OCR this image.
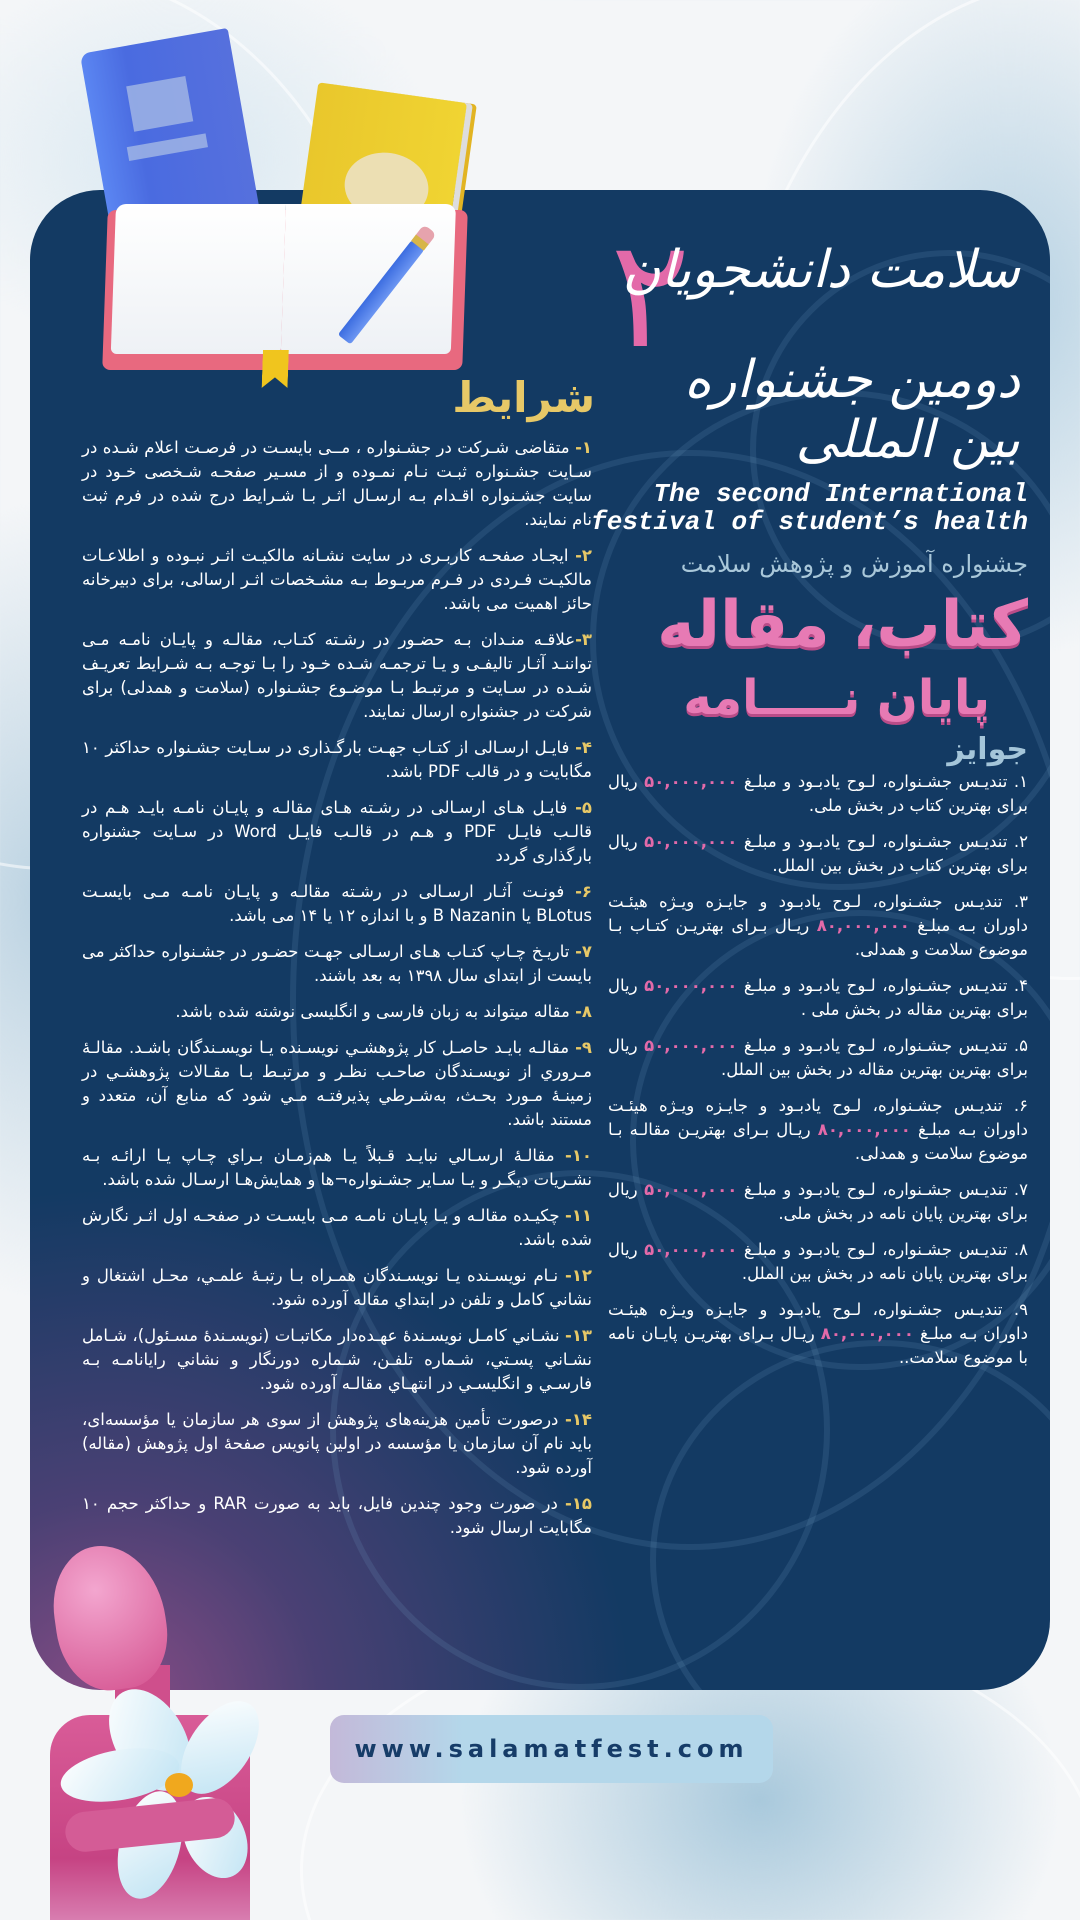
۲
سلامت دانشجویان
دومین جشنواره بین المللی
The second International
festival of student’s health
جشنواره آموزش و پژوهش سلامت
کتاب، مقاله
پایان نـــــامه
جوایز
۱. تندیـس جشـنواره، لـوح یادبـود و مبلـغ ۵۰,۰۰۰,۰۰۰ ریال برای بهترین کتاب در بخش ملی.
۲. تندیـس جشـنواره، لـوح یادبـود و مبلـغ ۵۰,۰۰۰,۰۰۰ ریال برای بهترین کتاب در بخش بین الملل.
۳. تندیـس جشـنواره، لـوح یادبـود و جایـزه ویـژه هیئـت داوران بـه مبلـغ ۸۰,۰۰۰,۰۰۰ ریـال بـرای بهتریـن کتـاب بـا موضوع سلامت و همدلی.
۴. تندیـس جشـنواره، لـوح یادبـود و مبلـغ ۵۰,۰۰۰,۰۰۰ ریال برای بهترین مقاله در بخش ملی .
۵. تندیـس جشـنواره، لـوح یادبـود و مبلـغ ۵۰,۰۰۰,۰۰۰ ریال برای بهترین بهترین مقاله در بخش بین الملل.
۶. تندیـس جشـنواره، لـوح یادبـود و جایـزه ویـژه هیئـت داوران بـه مبلـغ ۸۰,۰۰۰,۰۰۰ ریـال بـرای بهتریـن مقالـه بـا موضوع سلامت و همدلی.
۷. تندیـس جشـنواره، لـوح یادبـود و مبلـغ ۵۰,۰۰۰,۰۰۰ ریال برای بهترین پایان نامه در بخش ملی.
۸. تندیـس جشـنواره، لـوح یادبـود و مبلـغ ۵۰,۰۰۰,۰۰۰ ریال برای بهترین پایان نامه در بخش بین الملل.
۹. تندیـس جشـنواره، لـوح یادبـود و جایـزه ویـژه هیئـت داوران بـه مبلـغ ۸۰,۰۰۰,۰۰۰ ریـال بـرای بهتریـن پایـان نامه با موضوع سلامت..
شرایط
۱- متقاضی شـرکت در جشـنواره ، مــی بایسـت در فرصـت اعلام شـده در سـایت جشـنواره ثبـت نـام نمـوده و از مسـیر صفحـه شـخصی خـود در سایت جشـنواره اقـدام بـه ارسـال اثـر بـا شـرایط درج شده در فرم ثبت نام نمایند.
۲- ایجـاد صفحـه کاربـری در سایت نشـانه مالکیـت اثـر نبـوده و اطلاعـات مالکیـت فـردی در فـرم مربـوط بـه مشـخصات اثـر ارسالی، برای دبیرخانه حائز اهمیت می باشد.
۳-علاقـه منـدان بـه حضـور در رشـته کتـاب، مقالـه و پایـان نامـه مـی تواننـد آثـار تالیفـی و یـا ترجمـه شـده خـود را بـا توجـه بـه شـرایط تعریـف شـده در سـایت و مرتبـط بـا موضـوع جشـنواره (سلامت و همدلی) برای شرکت در جشنواره ارسال نمایند.
۴- فایـل ارسـالی از کتـاب جهـت بارگـذاری در سـایت جشـنواره حداکثر ۱۰ مگابایت و در قالب PDF باشد.
۵- فایـل هـای ارسـالی در رشـته هـای مقالـه و پایـان نامـه بایـد هـم در قالـب فایـل PDF و هـم در قالـب فایـل Word در سـایت جشنواره بارگذاری گردد
۶- فونـت آثـار ارسـالی در رشـته مقالـه و پایـان نامـه مـی بایسـت BLotus یا B Nazanin و با اندازه ۱۲ یا ۱۴ می باشد.
۷- تاریـخ چـاپ کتـاب هـای ارسـالی جهـت حضـور در جشـنواره حداکثر می بایست از ابتدای سال ۱۳۹۸ به بعد باشند.
۸- مقاله میتواند به زبان فارسی و انگلیسی نوشته شده باشد.
۹- مقالـه بایـد حاصـل کار پژوهشـي نويسـنده يـا نويسـندگان باشـد. مقالـۀ مـروري از نويسـندگان صاحـب نظـر و مرتبـط بـا مقـالات پژوهشـي در زمينـۀ مـورد بحـث، به‌شـرطي پذيرفتـه مـي شود كه منابع آن، متعدد و مستند باشد.
۱۰- مقالـۀ ارسـالي نبايـد قـبلاً يـا هم‌زمـان بـراي چـاپ يـا ارائـه بـه نشـريات ديگـر و يـا سـاير جشـنواره¬ها و همايش‌هـا ارسـال شده باشد.
۱۱- چکیـده مقالـه و یـا پایـان نامـه مـی بایسـت در صفحـه اول اثـر نگارش شده باشد.
۱۲- نـام نويسـنده يـا نويسـندگان همـراه بـا رتبـۀ علمـي، محـل اشتغال و نشاني كامل و تلفن در ابتداي مقاله آورده شود.
۱۳- نشـاني كامـل نويسـندۀ عهـده‌دار مكاتبـات (نويسـندۀ مسـئول)، شـامل نشـاني پسـتي، شـماره تلفـن، شـماره دورنگار و نشاني رايانامـه بـه فارسـي و انگليسـي در انتهـاي مقالـه آورده شود.
۱۴- درصورت تأمین هزینه‌های پژوهش از سوی هر سازمان یا مؤسسه‌ای، باید نام آن سازمان یا مؤسسه در اولین پانویس صفحۀ اول پژوهش (مقاله) آورده شود.
۱۵- در صورت وجود چندین فایل، باید به صورت RAR و حداکثر حجم ۱۰ مگابایت ارسال شود.
www.salamatfest.com
